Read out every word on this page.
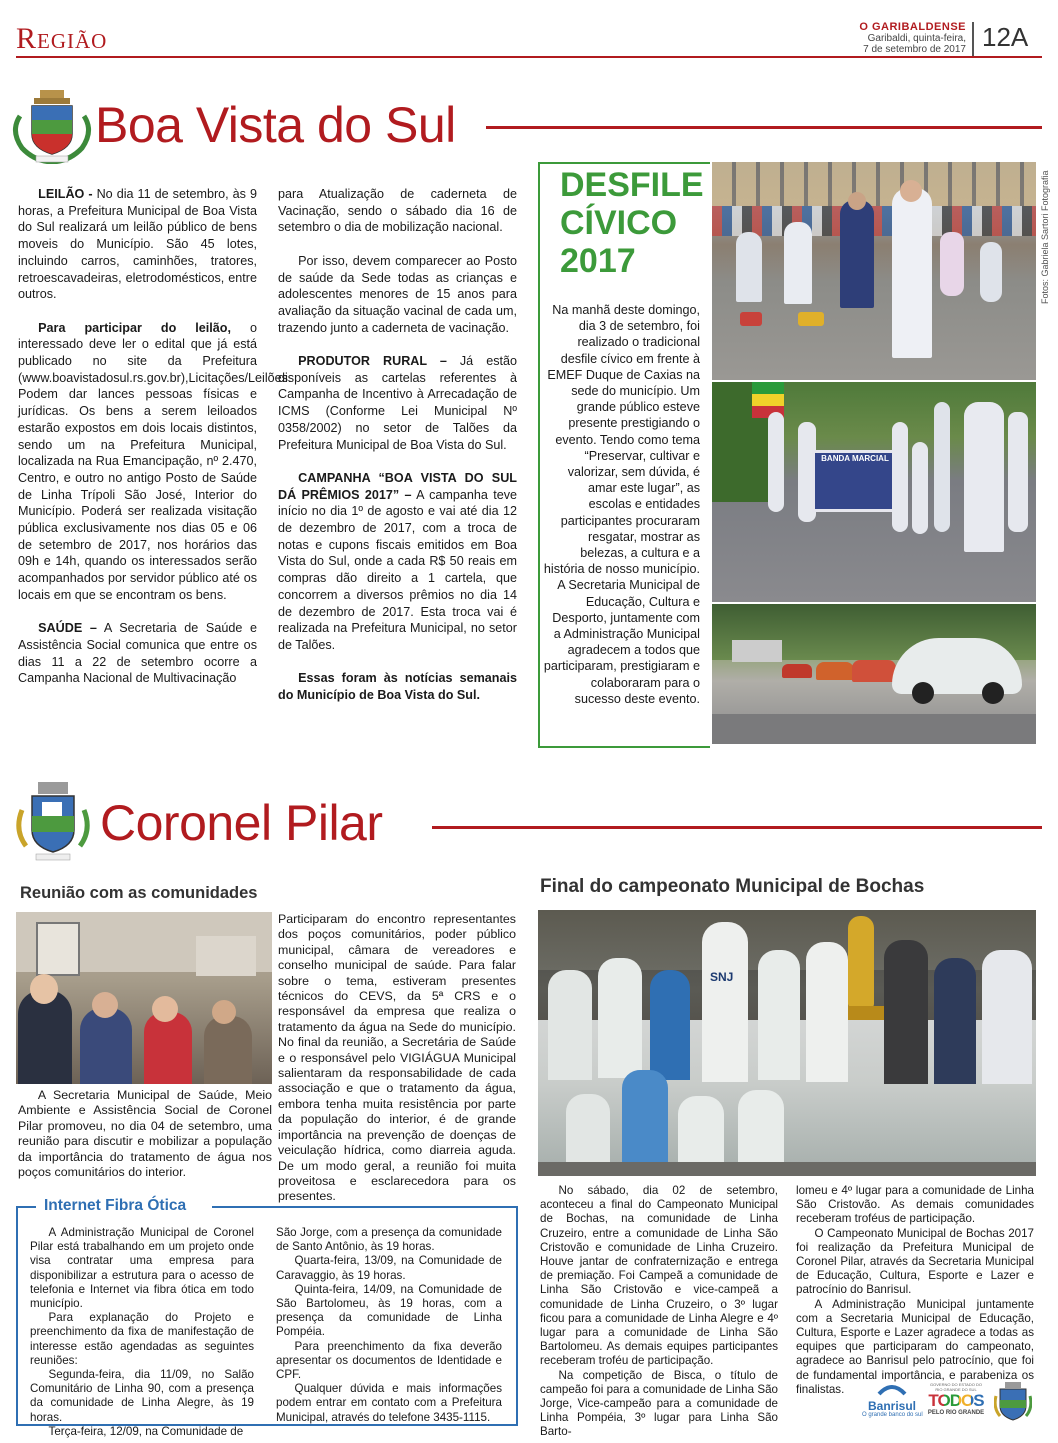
Região	O GARIBALDENSE
Garibaldi, quinta-feira,
7 de setembro de 2017 12A
Boa Vista do Sul

LEILÃO - No dia 11 de setembro, às 9 horas, a Prefeitura Municipal de Boa Vista do Sul realizará um leilão público de bens moveis do Município. São 45 lotes, incluindo carros, caminhões, tratores, retroescavadeiras, eletrodomésticos, entre outros.

Para participar do leilão, o interessado deve ler o edital que já está publicado no site da Prefeitura (www.boavistadosul.rs.gov.br),Licitações/Leilões. Podem dar lances pessoas físicas e jurídicas. Os bens a serem leiloados estarão expostos em dois locais distintos, sendo um na Prefeitura Municipal, localizada na Rua Emancipação, nº 2.470, Centro, e outro no antigo Posto de Saúde de Linha Trípoli São José, Interior do Município. Poderá ser realizada visitação pública exclusivamente nos dias 05 e 06 de setembro de 2017, nos horários das 09h e 14h, quando os interessados serão acompanhados por servidor público até os locais em que se encontram os bens.

SAÚDE – A Secretaria de Saúde e Assistência Social comunica que entre os dias 11 a 22 de setembro ocorre a Campanha Nacional de Multivacinação

para Atualização de caderneta de Vacinação, sendo o sábado dia 16 de setembro o dia de mobilização nacional.

Por isso, devem comparecer ao Posto de saúde da Sede todas as crianças e adolescentes menores de 15 anos para avaliação da situação vacinal de cada um, trazendo junto a caderneta de vacinação.

PRODUTOR RURAL – Já estão disponíveis as cartelas referentes à Campanha de Incentivo à Arrecadação de ICMS (Conforme Lei Municipal Nº 0358/2002) no setor de Talões da Prefeitura Municipal de Boa Vista do Sul.

CAMPANHA “BOA VISTA DO SUL DÁ PRÊMIOS 2017” – A campanha teve início no dia 1º de agosto e vai até dia 12 de dezembro de 2017, com a troca de notas e cupons fiscais emitidos em Boa Vista do Sul, onde a cada R$ 50 reais em compras dão direito a 1 cartela, que concorrem a diversos prêmios no dia 14 de dezembro de 2017. Esta troca vai é realizada na Prefeitura Municipal, no setor de Talões.

Essas foram às notícias semanais do Município de Boa Vista do Sul.

DESFILE
CÍVICO
2017
Na manhã deste domingo, dia 3 de setembro, foi realizado o tradicional desfile cívico em frente à EMEF Duque de Caxias na sede do município. Um grande público esteve presente prestigiando o evento. Tendo como tema “Preservar, cultivar e valorizar, sem dúvida, é amar este lugar”, as escolas e entidades participantes procuraram resgatar, mostrar as belezas, a cultura e a história de nosso município. A Secretaria Municipal de Educação, Cultura e Desporto, juntamente com a Administração Municipal agradecem a todos que participaram, prestigiaram e colaboraram para o sucesso deste evento.
Fotos: Gabriela Sartori Fotografia
BANDA MARCIAL
Coronel Pilar
Reunião com as comunidades

A Secretaria Municipal de Saúde, Meio Ambiente e Assistência Social de Coronel Pilar promoveu, no dia 04 de setembro, uma reunião para discutir e mobilizar a população da importância do tratamento de água nos poços comunitários do interior.

Participaram do encontro representantes dos poços comunitários, poder público municipal, câmara de vereadores e conselho municipal de saúde. Para falar sobre o tema, estiveram presentes técnicos do CEVS, da 5ª CRS e o responsável da empresa que realiza o tratamento da água na Sede do município. No final da reunião, a Secretária de Saúde e o responsável pelo VIGIÁGUA Municipal salientaram da responsabilidade de cada associação e que o tratamento da água, embora tenha muita resistência por parte da população do interior, é de grande importância na prevenção de doenças de veiculação hídrica, como diarreia aguda. De um modo geral, a reunião foi muita proveitosa e esclarecedora para os presentes.

Internet Fibra Ótica

A Administração Municipal de Coronel Pilar está trabalhando em um projeto onde visa contratar uma empresa para disponibilizar a estrutura para o acesso de telefonia e Internet via fibra ótica em todo município.

Para explanação do Projeto e preenchimento da fixa de manifestação de interesse estão agendadas as seguintes reuniões:

Segunda-feira, dia 11/09, no Salão Comunitário de Linha 90, com a presença da comunidade de Linha Alegre, às 19 horas.

Terça-feira, 12/09, na Comunidade de

São Jorge, com a presença da comunidade de Santo Antônio, às 19 horas.

Quarta-feira, 13/09, na Comunidade de Caravaggio, às 19 horas.

Quinta-feira, 14/09, na Comunidade de São Bartolomeu, às 19 horas, com a presença da comunidade de Linha Pompéia.

Para preenchimento da fixa deverão apresentar os documentos de Identidade e CPF.

Qualquer dúvida e mais informações podem entrar em contato com a Prefeitura Municipal, através do telefone 3435-1115.

Final do campeonato Municipal de Bochas
SNJ

No sábado, dia 02 de setembro, aconteceu a final do Campeonato Municipal de Bochas, na comunidade de Linha Cruzeiro, entre a comunidade de Linha São Cristovão e comunidade de Linha Cruzeiro. Houve jantar de confraternização e entrega de premiação. Foi Campeã a comunidade de Linha São Cristovão e vice-campeã a comunidade de Linha Cruzeiro, o 3º lugar ficou para a comunidade de Linha Alegre e 4º lugar para a comunidade de Linha São Bartolomeu. As demais equipes participantes receberam troféu de participação.

Na competição de Bisca, o título de campeão foi para a comunidade de Linha São Jorge, Vice-campeão para a comunidade de Linha Pompéia, 3º lugar para Linha São Barto-

lomeu e 4º lugar para a comunidade de Linha São Cristovão. As demais comunidades receberam troféus de participação.

O Campeonato Municipal de Bochas 2017 foi realização da Prefeitura Municipal de Coronel Pilar, através da Secretaria Municipal de Educação, Cultura, Esporte e Lazer e patrocínio do Banrisul.

A Administração Municipal juntamente com a Secretaria Municipal de Educação, Cultura, Esporte e Lazer agradece a todas as equipes que participaram do campeonato, agradece ao Banrisul pelo patrocínio, que foi de fundamental importância, e parabeniza os finalistas.

Banrisul
O grande banco do sul
GOVERNO DO ESTADO DO RIO GRANDE DO SUL
TODOS
PELO RIO GRANDE
